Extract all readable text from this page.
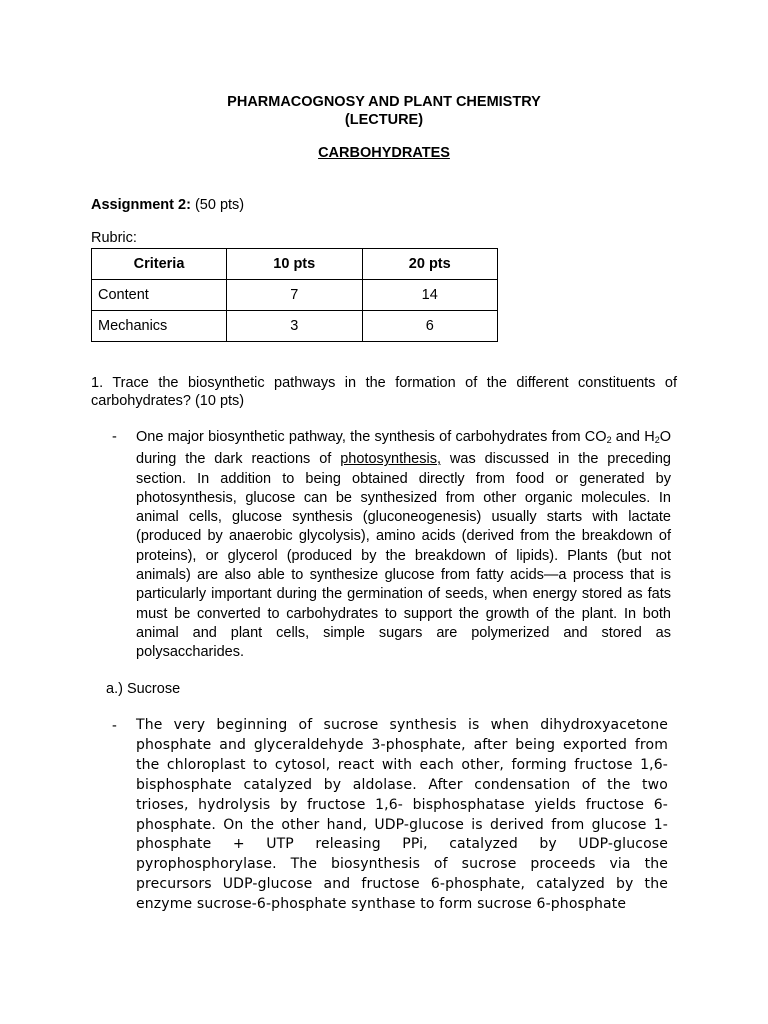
PHARMACOGNOSY AND PLANT CHEMISTRY
(LECTURE)
CARBOHYDRATES
Assignment 2: (50 pts)
Rubric:
Criteria	10 pts	20 pts
Content	7	14
Mechanics	3	6
1. Trace the biosynthetic pathways in the formation of the different constituents of carbohydrates? (10 pts)
- One major biosynthetic pathway, the synthesis of carbohydrates from $CO_2$ and $H_2O$ during the dark reactions of photosynthesis, was discussed in the preceding section. In addition to being obtained directly from food or generated by photosynthesis, glucose can be synthesized from other organic molecules. In animal cells, glucose synthesis (gluconeogenesis) usually starts with lactate (produced by anaerobic glycolysis), amino acids (derived from the breakdown of proteins), or glycerol (produced by the breakdown of lipids). Plants (but not animals) are also able to synthesize glucose from fatty acids—a process that is particularly important during the germination of seeds, when energy stored as fats must be converted to carbohydrates to support the growth of the plant. In both animal and plant cells, simple sugars are polymerized and stored as polysaccharides.
a.) Sucrose
- The very beginning of sucrose synthesis is when dihydroxyacetone phosphate and glyceraldehyde 3-phosphate, after being exported from the chloroplast to cytosol, react with each other, forming fructose 1,6-bisphosphate catalyzed by aldolase. After condensation of the two trioses, hydrolysis by fructose 1,6- bisphosphatase yields fructose 6-phosphate. On the other hand, UDP-glucose is derived from glucose 1-phosphate + UTP releasing PPi, catalyzed by UDP-glucose pyrophosphorylase. The biosynthesis of sucrose proceeds via the precursors UDP-glucose and fructose 6-phosphate, catalyzed by the enzyme sucrose-6-phosphate synthase to form sucrose 6-phosphate
